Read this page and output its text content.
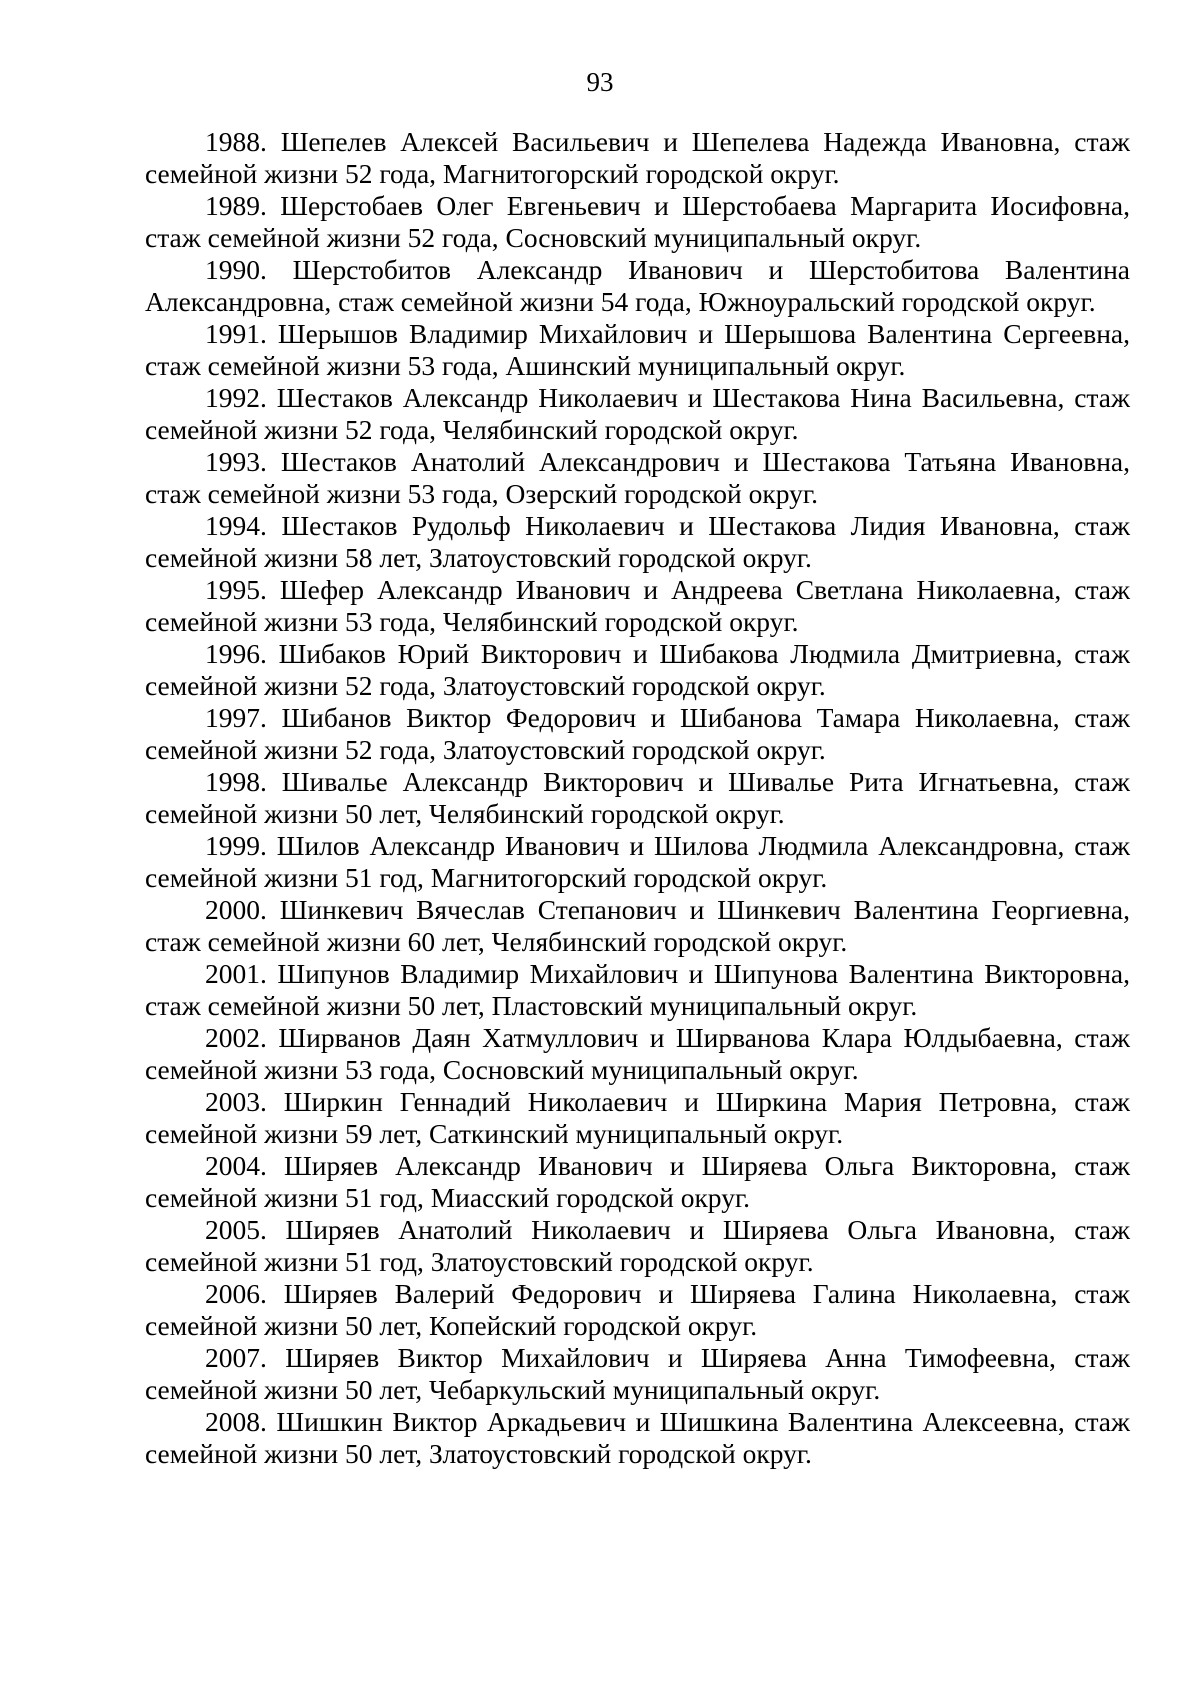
93

1988. Шепелев Алексей Васильевич и Шепелева Надежда Ивановна, стаж семейной жизни 52 года, Магнитогорский городской округ.

1989. Шерстобаев Олег Евгеньевич и Шерстобаева Маргарита Иосифовна, стаж семейной жизни 52 года, Сосновский муниципальный округ.

1990. Шерстобитов Александр Иванович и Шерстобитова Валентина Александровна, стаж семейной жизни 54 года, Южноуральский городской округ.

1991. Шерышов Владимир Михайлович и Шерышова Валентина Сергеевна, стаж семейной жизни 53 года, Ашинский муниципальный округ.

1992. Шестаков Александр Николаевич и Шестакова Нина Васильевна, стаж семейной жизни 52 года, Челябинский городской округ.

1993. Шестаков Анатолий Александрович и Шестакова Татьяна Ивановна, стаж семейной жизни 53 года, Озерский городской округ.

1994. Шестаков Рудольф Николаевич и Шестакова Лидия Ивановна, стаж семейной жизни 58 лет, Златоустовский городской округ.

1995. Шефер Александр Иванович и Андреева Светлана Николаевна, стаж семейной жизни 53 года, Челябинский городской округ.

1996. Шибаков Юрий Викторович и Шибакова Людмила Дмитриевна, стаж семейной жизни 52 года, Златоустовский городской округ.

1997. Шибанов Виктор Федорович и Шибанова Тамара Николаевна, стаж семейной жизни 52 года, Златоустовский городской округ.

1998. Шивалье Александр Викторович и Шивалье Рита Игнатьевна, стаж семейной жизни 50 лет, Челябинский городской округ.

1999. Шилов Александр Иванович и Шилова Людмила Александровна, стаж семейной жизни 51 год, Магнитогорский городской округ.

2000. Шинкевич Вячеслав Степанович и Шинкевич Валентина Георгиевна, стаж семейной жизни 60 лет, Челябинский городской округ.

2001. Шипунов Владимир Михайлович и Шипунова Валентина Викторовна, стаж семейной жизни 50 лет, Пластовский муниципальный округ.

2002. Ширванов Даян Хатмуллович и Ширванова Клара Юлдыбаевна, стаж семейной жизни 53 года, Сосновский муниципальный округ.

2003. Ширкин Геннадий Николаевич и Ширкина Мария Петровна, стаж семейной жизни 59 лет, Саткинский муниципальный округ.

2004. Ширяев Александр Иванович и Ширяева Ольга Викторовна, стаж семейной жизни 51 год, Миасский городской округ.

2005. Ширяев Анатолий Николаевич и Ширяева Ольга Ивановна, стаж семейной жизни 51 год, Златоустовский городской округ.

2006. Ширяев Валерий Федорович и Ширяева Галина Николаевна, стаж семейной жизни 50 лет, Копейский городской округ.

2007. Ширяев Виктор Михайлович и Ширяева Анна Тимофеевна, стаж семейной жизни 50 лет, Чебаркульский муниципальный округ.

2008. Шишкин Виктор Аркадьевич и Шишкина Валентина Алексеевна, стаж семейной жизни 50 лет, Златоустовский городской округ.
